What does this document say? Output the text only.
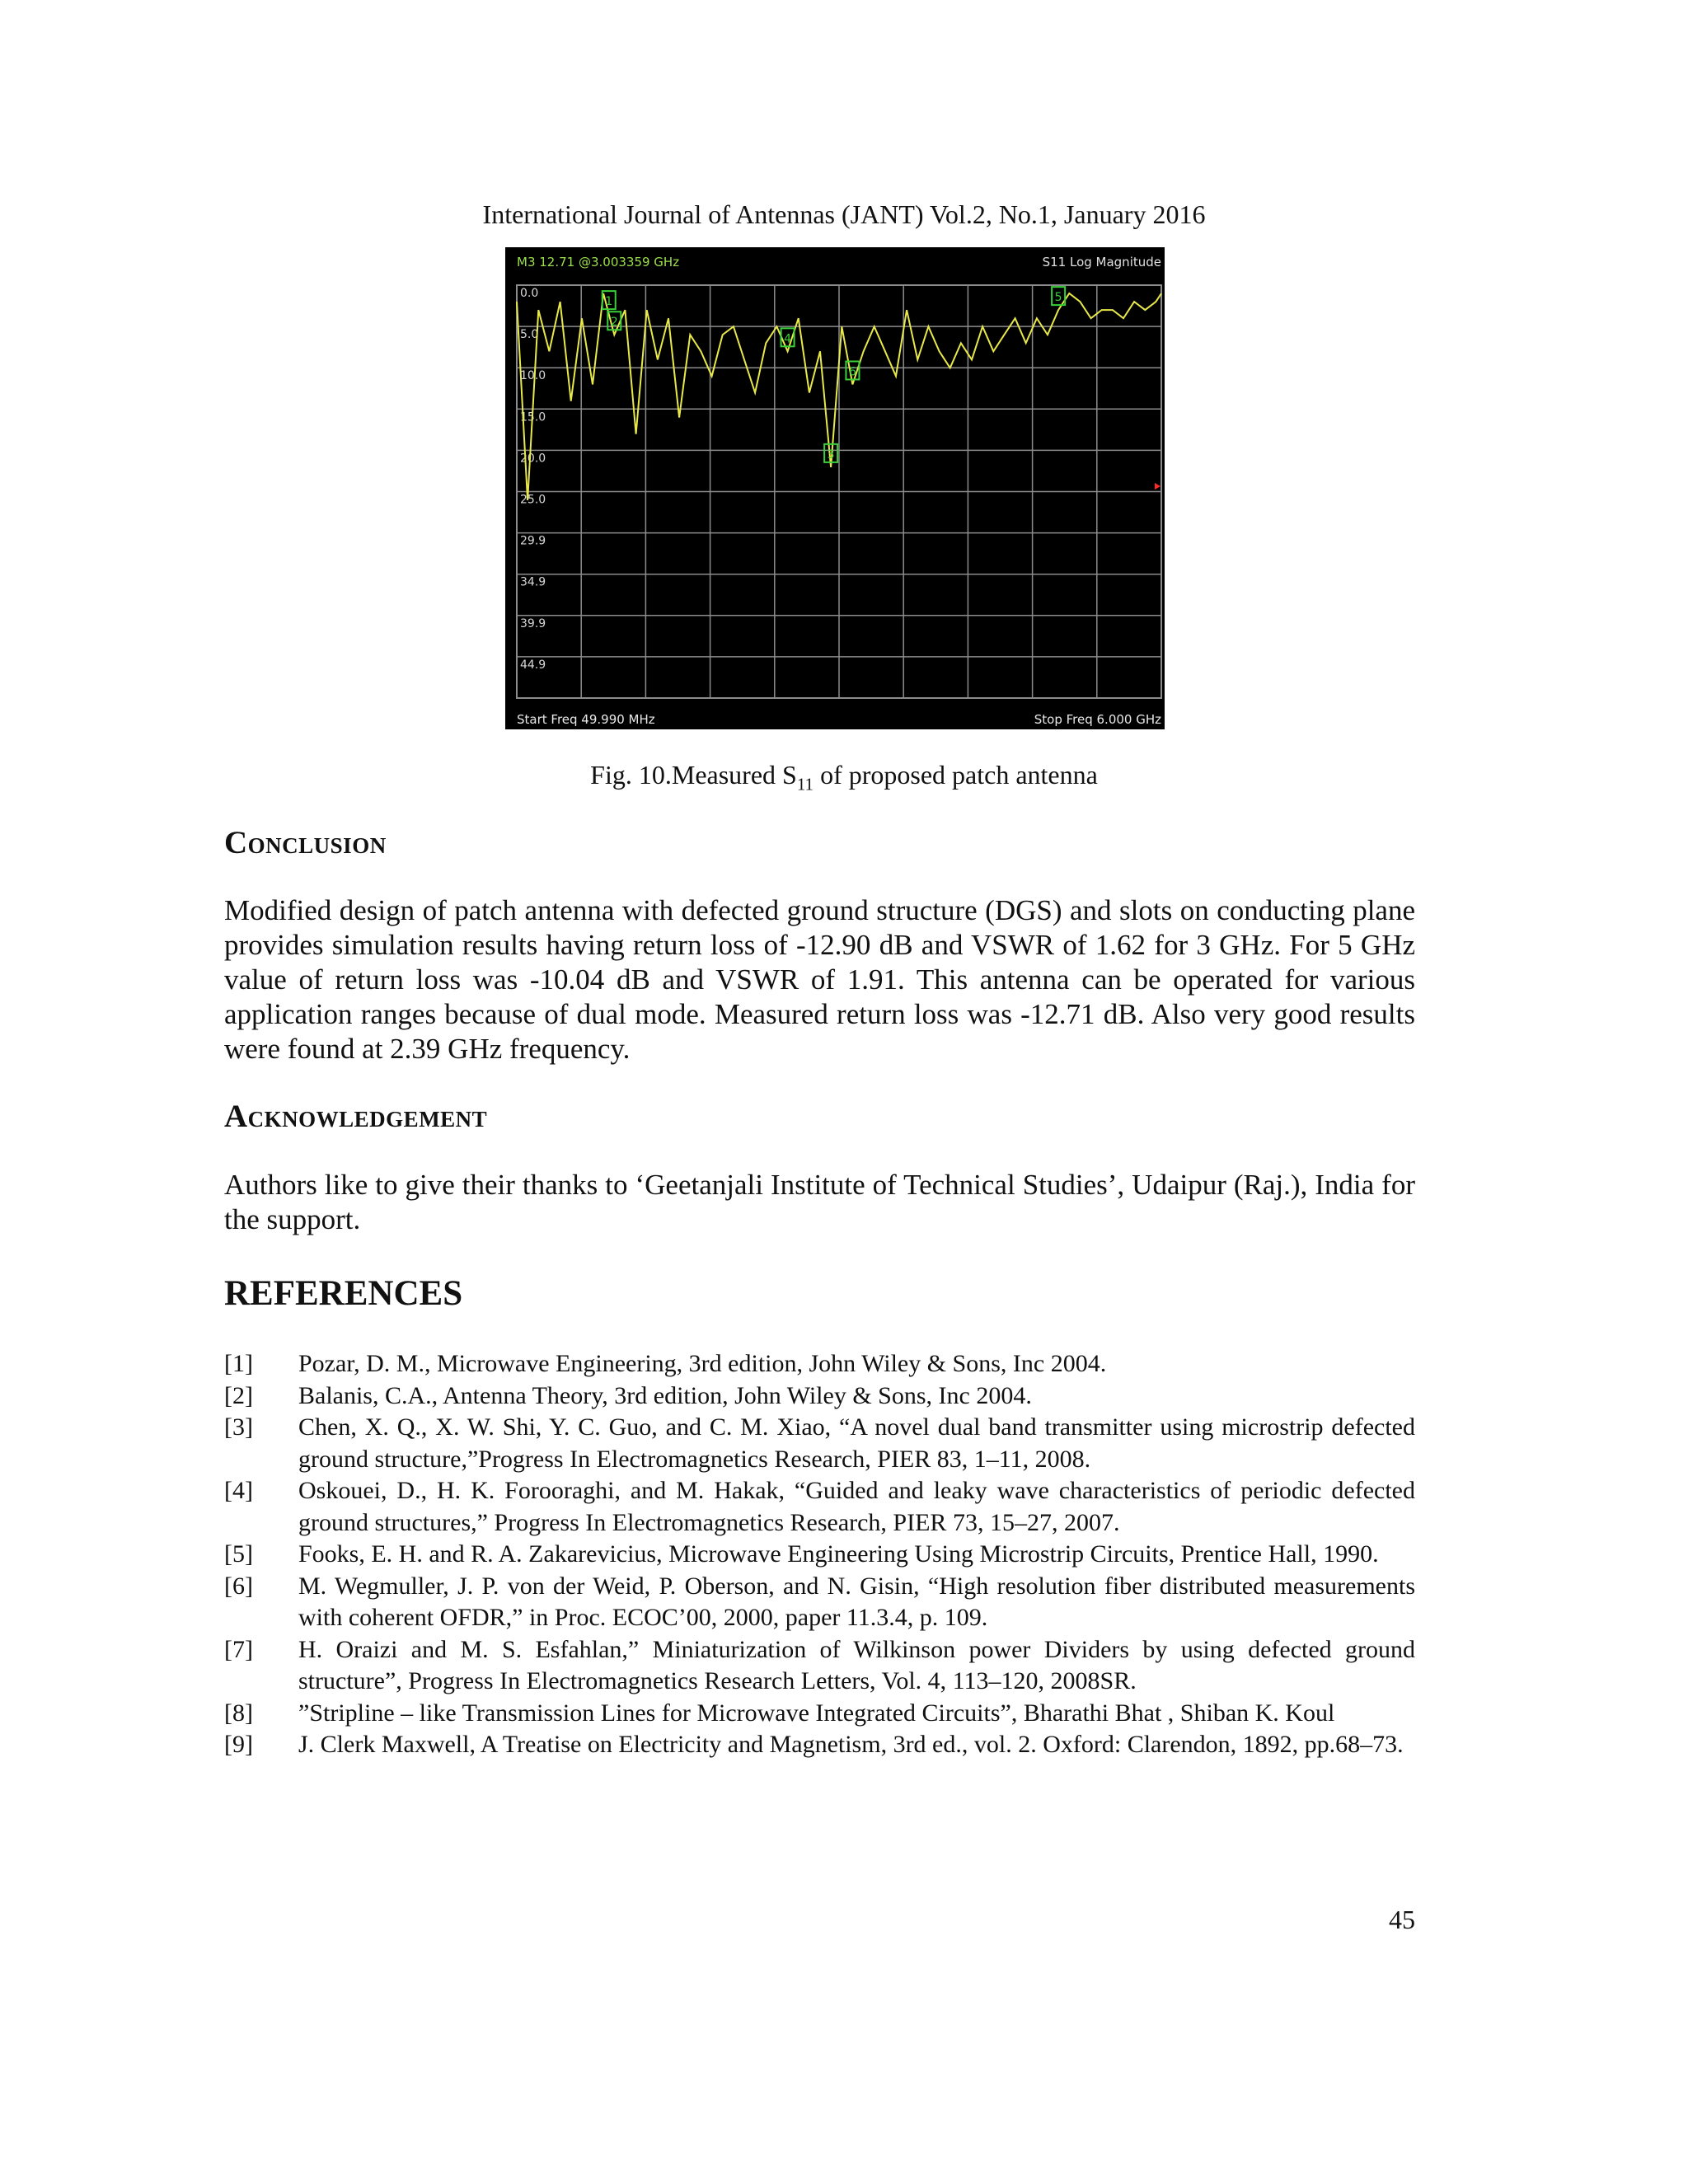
International Journal of Antennas (JANT) Vol.2, No.1, January 2016
0.0
5.0
10.0
15.0
20.0
25.0
29.9
34.9
39.9
44.9
1
2
3
4
5
6
M3 12.71 @3.003359 GHz	S11 Log Magnitude
Start Freq 49.990 MHz	Stop Freq 6.000 GHz
Fig. 10.Measured $S_{11}$ of proposed patch antenna
Conclusion

Modified design of patch antenna with defected ground structure (DGS) and slots on conducting plane provides simulation results having return loss of -12.90 dB and VSWR of 1.62 for 3 GHz. For 5 GHz value of return loss was -10.04 dB and VSWR of 1.91. This antenna can be operated for various application ranges because of dual mode. Measured return loss was -12.71 dB. Also very good results were found at 2.39 GHz frequency.

Acknowledgement

Authors like to give their thanks to ‘Geetanjali Institute of Technical Studies’, Udaipur (Raj.), India for the support.

REFERENCES
[1]	Pozar, D. M., Microwave Engineering, 3rd edition, John Wiley & Sons, Inc 2004.
[2]	Balanis, C.A., Antenna Theory, 3rd edition, John Wiley & Sons, Inc 2004.
[3]	Chen, X. Q., X. W. Shi, Y. C. Guo, and C. M. Xiao, “A novel dual band transmitter using microstrip defected ground structure,”Progress In Electromagnetics Research, PIER 83, 1–11, 2008.
[4]	Oskouei, D., H. K. Forooraghi, and M. Hakak, “Guided and leaky wave characteristics of periodic defected ground structures,” Progress In Electromagnetics Research, PIER 73, 15–27, 2007.
[5]	Fooks, E. H. and R. A. Zakarevicius, Microwave Engineering Using Microstrip Circuits, Prentice Hall, 1990.
[6]	M. Wegmuller, J. P. von der Weid, P. Oberson, and N. Gisin, “High resolution fiber distributed measurements with coherent OFDR,” in Proc. ECOC’00, 2000, paper 11.3.4, p. 109.
[7]	H. Oraizi and M. S. Esfahlan,” Miniaturization of Wilkinson power Dividers by using defected ground structure”, Progress In Electromagnetics Research Letters, Vol. 4, 113–120, 2008SR.
[8]	”Stripline – like Transmission Lines for Microwave Integrated Circuits”, Bharathi Bhat , Shiban K. Koul
[9]	J. Clerk Maxwell, A Treatise on Electricity and Magnetism, 3rd ed., vol. 2. Oxford: Clarendon, 1892, pp.68–73.
45
